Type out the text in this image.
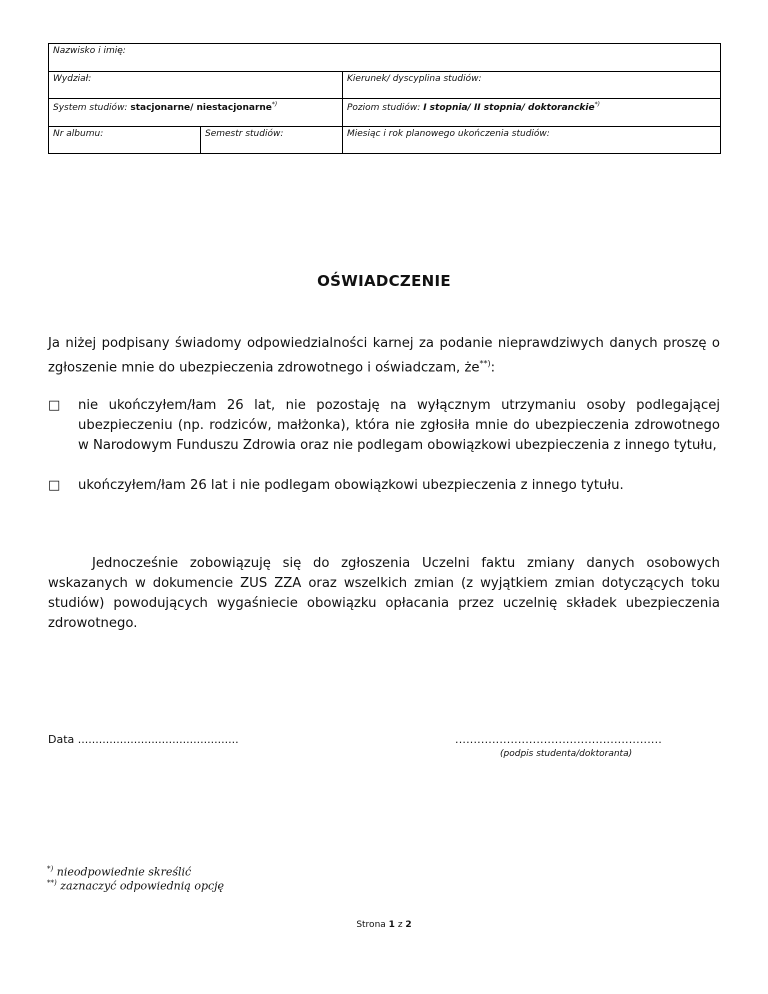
Nazwisko i imię:		
Wydział:		Kierunek/ dyscyplina studiów:
System studiów: stacjonarne/ niestacjonarne*)		Poziom studiów: I stopnia/ II stopnia/ doktoranckie*)
Nr albumu:	Semestr studiów:	Miesiąc i rok planowego ukończenia studiów:
OŚWIADCZENIE
Ja niżej podpisany świadomy odpowiedzialności karnej za podanie nieprawdziwych danych proszę o zgłoszenie mnie do ubezpieczenia zdrowotnego i oświadczam, że**):
□ nie ukończyłem/łam 26 lat, nie pozostaję na wyłącznym utrzymaniu osoby podlegającej ubezpieczeniu (np. rodziców, małżonka), która nie zgłosiła mnie do ubezpieczenia zdrowotnego w Narodowym Funduszu Zdrowia oraz nie podlegam obowiązkowi ubezpieczenia z innego tytułu,
□ ukończyłem/łam 26 lat i nie podlegam obowiązkowi ubezpieczenia z innego tytułu.
Jednocześnie zobowiązuję się do zgłoszenia Uczelni faktu zmiany danych osobowych wskazanych w dokumencie ZUS ZZA oraz wszelkich zmian (z wyjątkiem zmian dotyczących toku studiów) powodujących wygaśniecie obowiązku opłacania przez uczelnię składek ubezpieczenia zdrowotnego.
Data ..............................................	........................................................
(podpis studenta/doktoranta)
*) nieodpowiednie skreślić
**) zaznaczyć odpowiednią opcję
Strona 1 z 2
